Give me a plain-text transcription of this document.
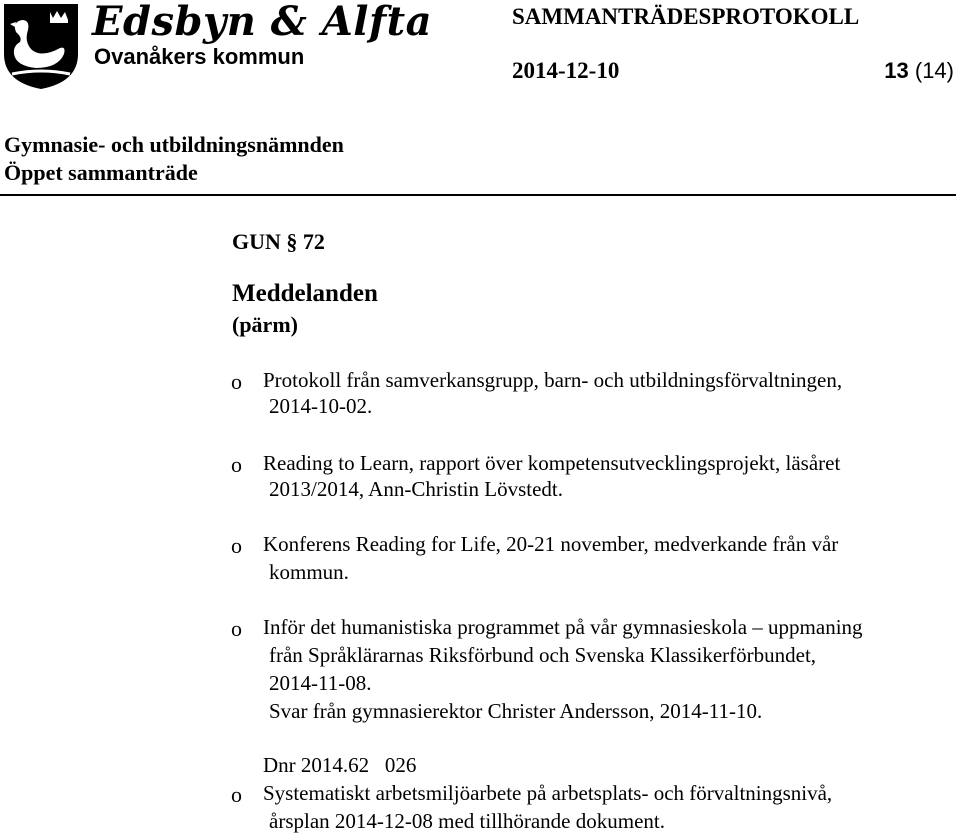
Edsbyn & Alfta
Ovanåkers kommun
SAMMANTRÄDESPROTOKOLL
2014-12-10	13 (14)
Gymnasie- och utbildningsnämnden
Öppet sammanträde
GUN § 72
Meddelanden
(pärm)
o Protokoll från samverkansgrupp, barn- och utbildningsförvaltningen,
2014-10-02.
o Reading to Learn, rapport över kompetensutvecklingsprojekt, läsåret
2013/2014, Ann-Christin Lövstedt.
o Konferens Reading for Life, 20-21 november, medverkande från vår
kommun.
o Inför det humanistiska programmet på vår gymnasieskola – uppmaning
från Språklärarnas Riksförbund och Svenska Klassikerförbundet,
2014-11-08.
Svar från gymnasierektor Christer Andersson, 2014-11-10.
Dnr 2014.62   026
o Systematiskt arbetsmiljöarbete på arbetsplats- och förvaltningsnivå,
årsplan 2014-12-08 med tillhörande dokument.
